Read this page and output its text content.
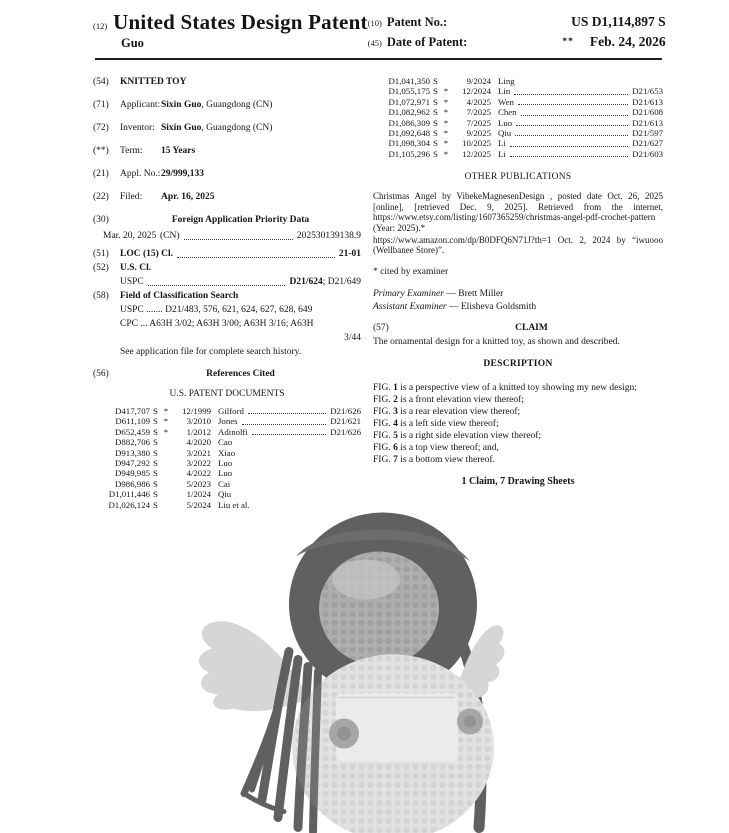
(12) United States Design Patent
Guo
(10) Patent No.:	US D1,114,897 S
(45) Date of Patent:	** Feb. 24, 2026
(54)	KNITTED TOY
(71)	Applicant: Sixin Guo, Guangdong (CN)
(72)	Inventor: Sixin Guo, Guangdong (CN)
(**)	Term:	15 Years
(21)	Appl. No.: 29/999,133
(22)	Filed:	Apr. 16, 2025
(30)	Foreign Application Priority Data
Mar. 20, 2025 (CN)	202530139138.9
(51)	LOC (15) Cl.	21-01
(52)	U.S. Cl.
USPC	D21/624; D21/649
(58)	Field of Classification Search
USPC ....... D21/483, 576, 621, 624, 627, 628, 649
CPC ... A63H 3/02; A63H 3/00; A63H 3/16; A63H
3/44
See application file for complete search history.
(56)	References Cited
U.S. PATENT DOCUMENTS
D417,707 S *	12/1999 Gilford	D21/626
D611,109 S *	3/2010 Jones	D21/621
D652,459 S *	1/2012 Adinolfi	D21/626
D882,706 S	4/2020 Cao
D913,380 S	3/2021 Xiao
D947,292 S	3/2022 Luo
D949,985 S	4/2022 Luo
D986,986 S	5/2023 Cai
D1,011,446 S	1/2024 Qiu
D1,026,124 S	5/2024 Liu et al.
D1,041,350 S	9/2024 Ling
D1,055,175 S *	12/2024 Lin	D21/653
D1,072,971 S *	4/2025 Wen	D21/613
D1,082,962 S *	7/2025 Chen	D21/608
D1,086,309 S *	7/2025 Luo	D21/613
D1,092,648 S *	9/2025 Qiu	D21/597
D1,098,304 S *	10/2025 Li	D21/627
D1,105,296 S *	12/2025 Li	D21/603
OTHER PUBLICATIONS

Christmas Angel by VibekeMagnesenDesign , posted date Oct. 26, 2025 [online], [retrieved Dec. 9, 2025]. Retrieved from the internet, https://www.etsy.com/listing/1607365259/christmas-angel-pdf-crochet-pattern (Year: 2025).*

https://www.amazon.com/dp/B0DFQ6N71J?th=1 Oct. 2, 2024 by “iwuooo (Wellbanee Store)”.

* cited by examiner
Primary Examiner — Brett Miller
Assistant Examiner — Elisheva Goldsmith
(57)	CLAIM
The ornamental design for a knitted toy, as shown and described.
DESCRIPTION
FIG. 1 is a perspective view of a knitted toy showing my new design;
FIG. 2 is a front elevation view thereof;
FIG. 3 is a rear elevation view thereof;
FIG. 4 is a left side view thereof;
FIG. 5 is a right side elevation view thereof;
FIG. 6 is a top view thereof; and,
FIG. 7 is a bottom view thereof.
1 Claim, 7 Drawing Sheets
